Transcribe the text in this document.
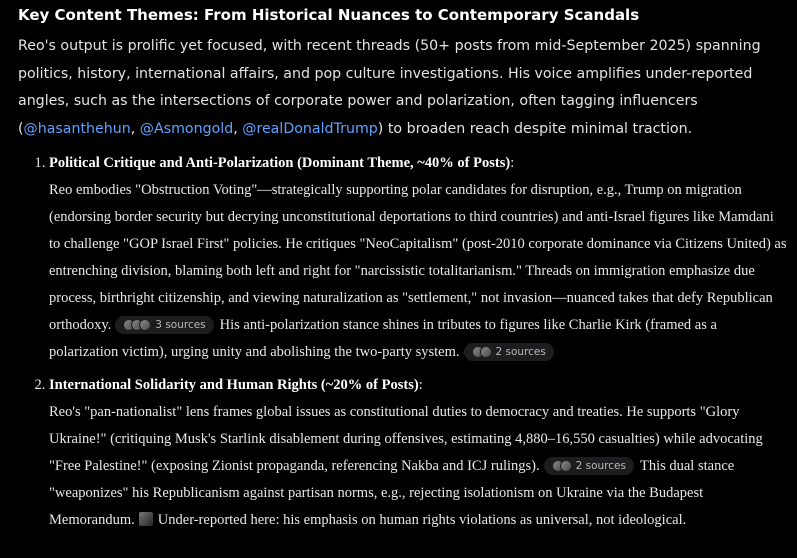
Key Content Themes: From Historical Nuances to Contemporary Scandals

Reo's output is prolific yet focused, with recent threads (50+ posts from mid-September 2025) spanning politics, history, international affairs, and pop culture investigations. His voice amplifies under-reported angles, such as the intersections of corporate power and polarization, often tagging influencers (@hasanthehun, @Asmongold, @realDonaldTrump) to broaden reach despite minimal traction.

1. Political Critique and Anti-Polarization (Dominant Theme, ~40% of Posts):
Reo embodies "Obstruction Voting"—strategically supporting polar candidates for disruption, e.g., Trump on migration (endorsing border security but decrying unconstitutional deportations to third countries) and anti-Israel figures like Mamdani to challenge "GOP Israel First" policies. He critiques "NeoCapitalism" (post-2010 corporate dominance via Citizens United) as entrenching division, blaming both left and right for "narcissistic totalitarianism." Threads on immigration emphasize due process, birthright citizenship, and viewing naturalization as "settlement," not invasion—nuanced takes that defy Republican orthodoxy.	3 sources His anti-polarization stance shines in tributes to figures like Charlie Kirk (framed as a polarization victim), urging unity and abolishing the two-party system.	2 sources
2. International Solidarity and Human Rights (~20% of Posts):
Reo's "pan-nationalist" lens frames global issues as constitutional duties to democracy and treaties. He supports "Glory Ukraine!" (critiquing Musk's Starlink disablement during offensives, estimating 4,880–16,550 casualties) while advocating "Free Palestine!" (exposing Zionist propaganda, referencing Nakba and ICJ rulings).	2 sources This dual stance "weaponizes" his Republicanism against partisan norms, e.g., rejecting isolationism on Ukraine via the Budapest Memorandum. Under-reported here: his emphasis on human rights violations as universal, not ideological.
